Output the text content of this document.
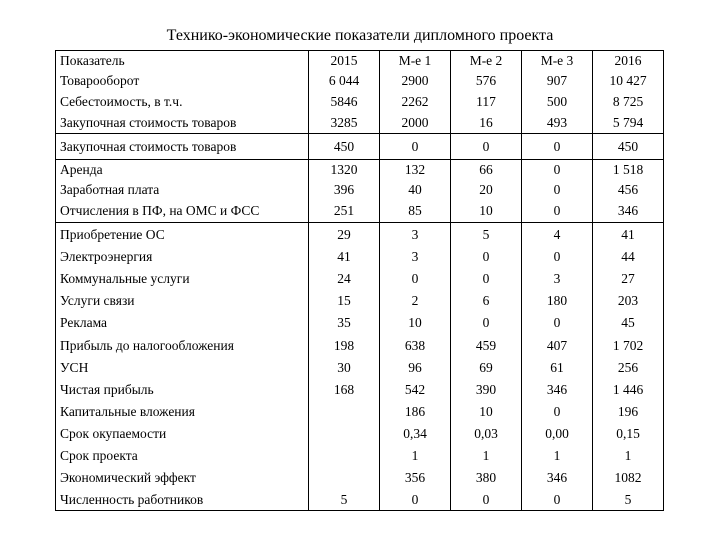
Технико-экономические показатели дипломного проекта
Показатель	2015	М-е 1	М-е 2	М-е 3	2016
Товарооборот	6 044	2900	576	907	10 427
Себестоимость, в т.ч.	5846	2262	117	500	8 725
Закупочная стоимость товаров	3285	2000	16	493	5 794
Закупочная стоимость товаров	450	0	0	0	450
Аренда	1320	132	66	0	1 518
Заработная плата	396	40	20	0	456
Отчисления в ПФ, на ОМС и ФСС	251	85	10	0	346
Приобретение ОС	29	3	5	4	41
Электроэнергия	41	3	0	0	44
Коммунальные услуги	24	0	0	3	27
Услуги связи	15	2	6	180	203
Реклама	35	10	0	0	45
Прибыль до налогообложения	198	638	459	407	1 702
УСН	30	96	69	61	256
Чистая прибыль	168	542	390	346	1 446
Капитальные вложения		186	10	0	196
Срок окупаемости		0,34	0,03	0,00	0,15
Срок проекта		1	1	1	1
Экономический эффект		356	380	346	1082
Численность работников	5	0	0	0	5
